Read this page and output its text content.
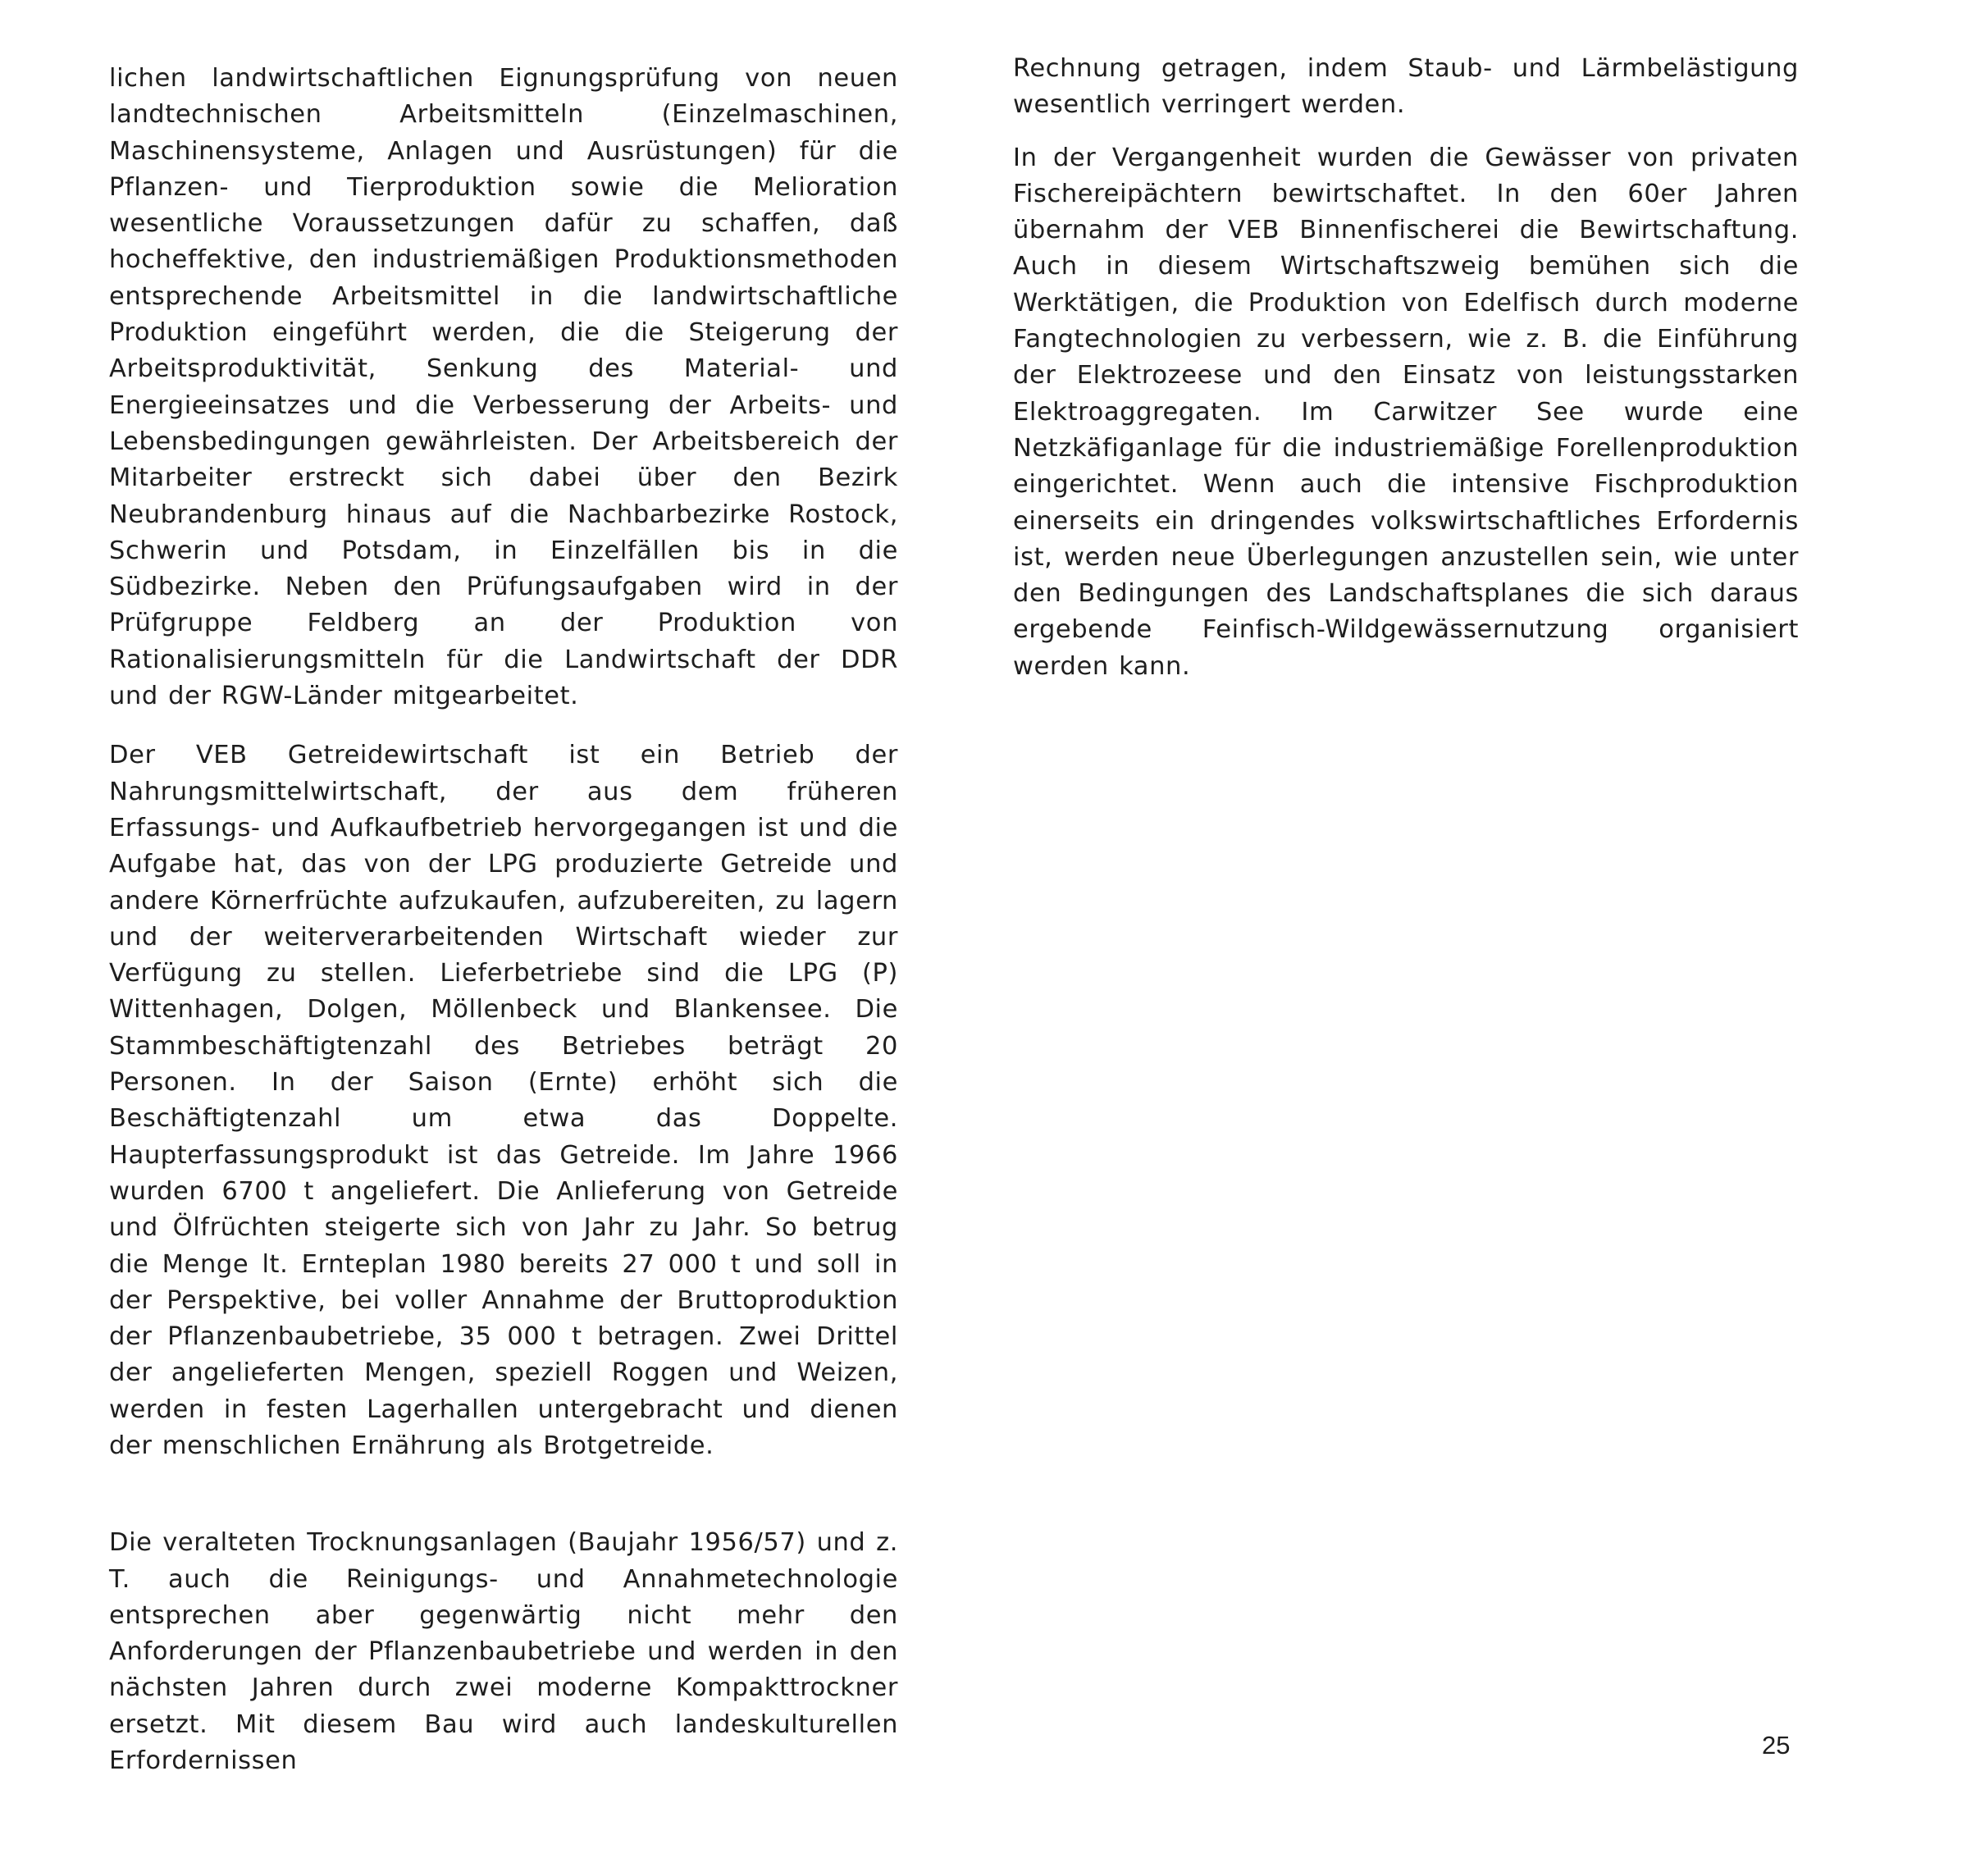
lichen landwirtschaftlichen Eignungsprüfung von neuen landtechnischen Arbeitsmitteln (Einzelmaschinen, Maschinensysteme, Anlagen und Ausrüstungen) für die Pflanzen- und Tierproduktion sowie die Melioration wesentliche Voraussetzungen dafür zu schaffen, daß hocheffektive, den industriemäßigen Produktionsmethoden entsprechende Arbeitsmittel in die landwirtschaftliche Produktion eingeführt werden, die die Steigerung der Arbeitsproduktivität, Senkung des Material- und Energieeinsatzes und die Verbesserung der Arbeits- und Lebensbedingungen gewährleisten. Der Arbeitsbereich der Mitarbeiter erstreckt sich dabei über den Bezirk Neubrandenburg hinaus auf die Nachbarbezirke Rostock, Schwerin und Potsdam, in Einzelfällen bis in die Südbezirke. Neben den Prüfungsaufgaben wird in der Prüfgruppe Feldberg an der Produktion von Rationalisierungsmitteln für die Landwirtschaft der DDR und der RGW-Länder mitgearbeitet.

Der VEB Getreidewirtschaft ist ein Betrieb der Nahrungsmittelwirtschaft, der aus dem früheren Erfassungs- und Aufkaufbetrieb hervorgegangen ist und die Aufgabe hat, das von der LPG produzierte Getreide und andere Körnerfrüchte aufzukaufen, aufzubereiten, zu lagern und der weiterverarbeitenden Wirtschaft wieder zur Verfügung zu stellen. Lieferbetriebe sind die LPG (P) Wittenhagen, Dolgen, Möllenbeck und Blankensee. Die Stammbeschäftigtenzahl des Betriebes beträgt 20 Personen. In der Saison (Ernte) erhöht sich die Beschäftigtenzahl um etwa das Doppelte. Haupterfassungsprodukt ist das Getreide. Im Jahre 1966 wurden 6700 t angeliefert. Die Anlieferung von Getreide und Ölfrüchten steigerte sich von Jahr zu Jahr. So betrug die Menge lt. Ernteplan 1980 bereits 27 000 t und soll in der Perspektive, bei voller Annahme der Bruttoproduktion der Pflanzenbaubetriebe, 35 000 t betragen. Zwei Drittel der angelieferten Mengen, speziell Roggen und Weizen, werden in festen Lagerhallen untergebracht und dienen der menschlichen Ernährung als Brotgetreide.

Die veralteten Trocknungsanlagen (Baujahr 1956/57) und z. T. auch die Reinigungs- und Annahmetechnologie entsprechen aber gegenwärtig nicht mehr den Anforderungen der Pflanzenbaubetriebe und werden in den nächsten Jahren durch zwei moderne Kompakttrockner ersetzt. Mit diesem Bau wird auch landeskulturellen Erfordernissen

Rechnung getragen, indem Staub- und Lärmbelästigung wesentlich verringert werden.

In der Vergangenheit wurden die Gewässer von privaten Fischereipächtern bewirtschaftet. In den 60er Jahren übernahm der VEB Binnenfischerei die Bewirtschaftung. Auch in diesem Wirtschaftszweig bemühen sich die Werktätigen, die Produktion von Edelfisch durch moderne Fangtechnologien zu verbessern, wie z. B. die Einführung der Elektrozeese und den Einsatz von leistungsstarken Elektroaggregaten. Im Carwitzer See wurde eine Netzkäfiganlage für die industriemäßige Forellenproduktion eingerichtet. Wenn auch die intensive Fischproduktion einerseits ein dringendes volkswirtschaftliches Erfordernis ist, werden neue Überlegungen anzustellen sein, wie unter den Bedingungen des Landschaftsplanes die sich daraus ergebende Feinfisch-Wildgewässernutzung organisiert werden kann.

25
